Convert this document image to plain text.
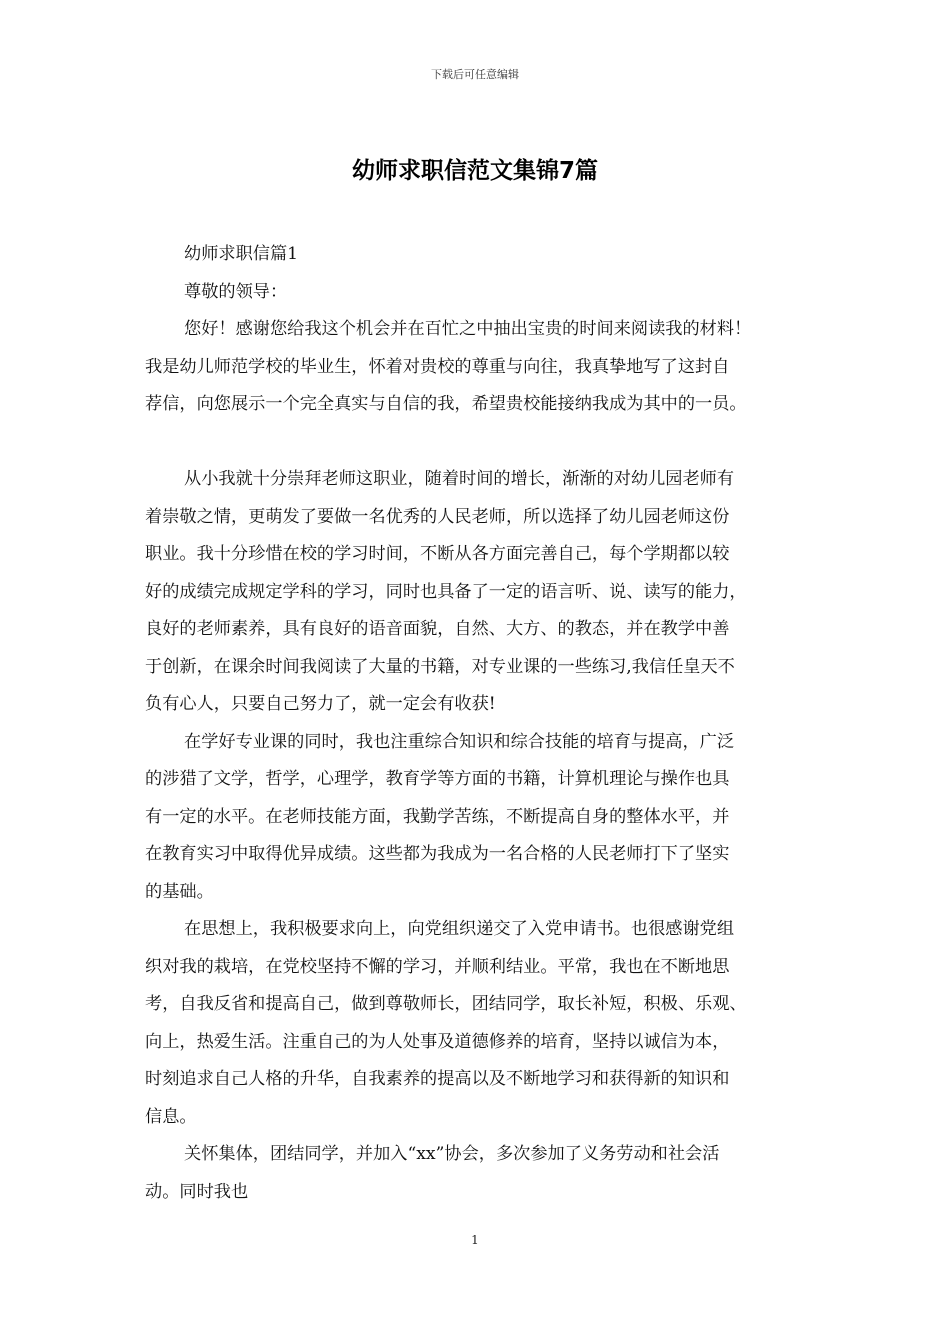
下载后可任意编辑
幼师求职信范文集锦7篇
幼师求职信篇1
尊敬的领导：
您好！感谢您给我这个机会并在百忙之中抽出宝贵的时间来阅读我的材料！
我是幼儿师范学校的毕业生，怀着对贵校的尊重与向往，我真挚地写了这封自
荐信，向您展示一个完全真实与自信的我，希望贵校能接纳我成为其中的一员。
从小我就十分崇拜老师这职业，随着时间的增长，渐渐的对幼儿园老师有
着崇敬之情，更萌发了要做一名优秀的人民老师，所以选择了幼儿园老师这份
职业。我十分珍惜在校的学习时间，不断从各方面完善自己，每个学期都以较
好的成绩完成规定学科的学习，同时也具备了一定的语言听、说、读写的能力，
良好的老师素养，具有良好的语音面貌，自然、大方、的教态，并在教学中善
于创新，在课余时间我阅读了大量的书籍，对专业课的一些练习,我信任皇天不
负有心人，只要自己努力了，就一定会有收获!
在学好专业课的同时，我也注重综合知识和综合技能的培育与提高，广泛
的涉猎了文学，哲学，心理学，教育学等方面的书籍，计算机理论与操作也具
有一定的水平。在老师技能方面，我勤学苦练，不断提高自身的整体水平，并
在教育实习中取得优异成绩。这些都为我成为一名合格的人民老师打下了坚实
的基础。
在思想上，我积极要求向上，向党组织递交了入党申请书。也很感谢党组
织对我的栽培，在党校坚持不懈的学习，并顺利结业。平常，我也在不断地思
考，自我反省和提高自己，做到尊敬师长，团结同学，取长补短，积极、乐观、
向上，热爱生活。注重自己的为人处事及道德修养的培育，坚持以诚信为本，
时刻追求自己人格的升华，自我素养的提高以及不断地学习和获得新的知识和
信息。
关怀集体，团结同学，并加入“xx”协会，多次参加了义务劳动和社会活
动。同时我也
1
